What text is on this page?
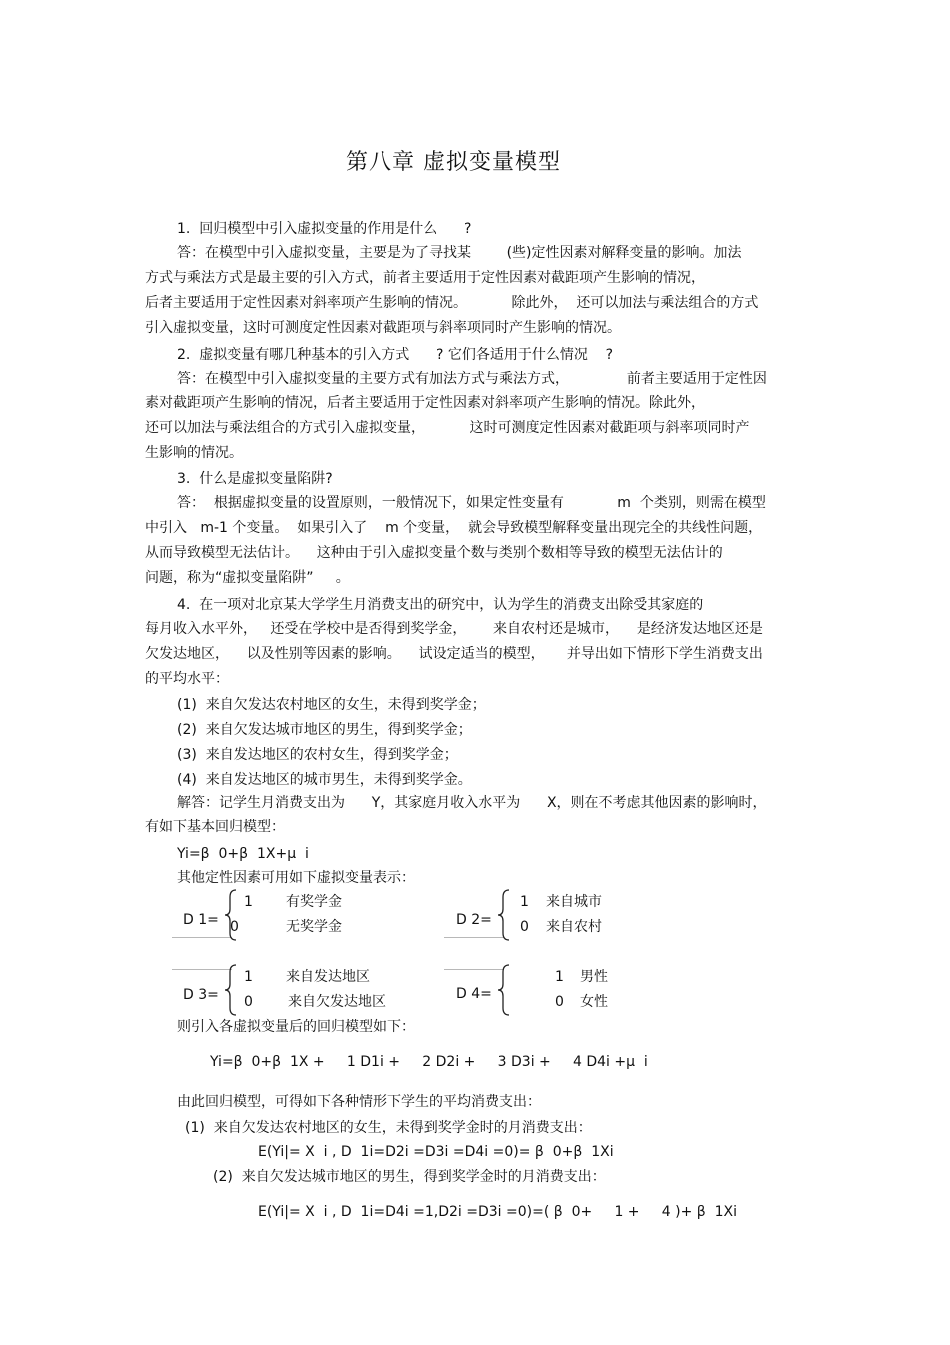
第八章 虚拟变量模型
1.  回归模型中引入虚拟变量的作用是什么      ?
答：在模型中引入虚拟变量，主要是为了寻找某        (些)定性因素对解释变量的影响。加法
方式与乘法方式是最主要的引入方式，前者主要适用于定性因素对截距项产生影响的情况，
后者主要适用于定性因素对斜率项产生影响的情况。          除此外，  还可以加法与乘法组合的方式
引入虚拟变量，这时可测度定性因素对截距项与斜率项同时产生影响的情况。
2.  虚拟变量有哪几种基本的引入方式      ? 它们各适用于什么情况    ?
答：在模型中引入虚拟变量的主要方式有加法方式与乘法方式，             前者主要适用于定性因
素对截距项产生影响的情况，后者主要适用于定性因素对斜率项产生影响的情况。除此外，
还可以加法与乘法组合的方式引入虚拟变量，          这时可测度定性因素对截距项与斜率项同时产
生影响的情况。
3.  什么是虚拟变量陷阱?
答：  根据虚拟变量的设置原则，一般情况下，如果定性变量有            m  个类别，则需在模型
中引入   m-1 个变量。  如果引入了    m 个变量，  就会导致模型解释变量出现完全的共线性问题，
从而导致模型无法估计。    这种由于引入虚拟变量个数与类别个数相等导致的模型无法估计的
问题，称为“虚拟变量陷阱”     。
4.  在一项对北京某大学学生月消费支出的研究中，认为学生的消费支出除受其家庭的
每月收入水平外，   还受在学校中是否得到奖学金，      来自农村还是城市，    是经济发达地区还是
欠发达地区，    以及性别等因素的影响。    试设定适当的模型，     并导出如下情形下学生消费支出
的平均水平：
(1)  来自欠发达农村地区的女生，未得到奖学金；
(2)  来自欠发达城市地区的男生，得到奖学金；
(3)  来自发达地区的农村女生，得到奖学金；
(4)  来自发达地区的城市男生，未得到奖学金。
解答：记学生月消费支出为      Y，其家庭月收入水平为      X，则在不考虑其他因素的影响时，
有如下基本回归模型：
Yi=β  0+β  1X+μ  i
其他定性因素可用如下虚拟变量表示：
D 1=
1 有奖学金
0	无奖学金	D 2=
1 来自城市
0 来自农村
D 3=
1 来自发达地区
0	来自欠发达地区	D 4=
1 男性
0 女性
则引入各虚拟变量后的回归模型如下：
Yi=β  0+β  1X +     1 D1i +     2 D2i +     3 D3i +     4 D4i +μ  i
由此回归模型，可得如下各种情形下学生的平均消费支出：
(1)  来自欠发达农村地区的女生，未得到奖学金时的月消费支出：
E(Yi|= X  i , D  1i=D2i =D3i =D4i =0)= β  0+β  1Xi
(2)  来自欠发达城市地区的男生，得到奖学金时的月消费支出：
E(Yi|= X  i , D  1i=D4i =1,D2i =D3i =0)=( β  0+     1 +     4 )+ β  1Xi
